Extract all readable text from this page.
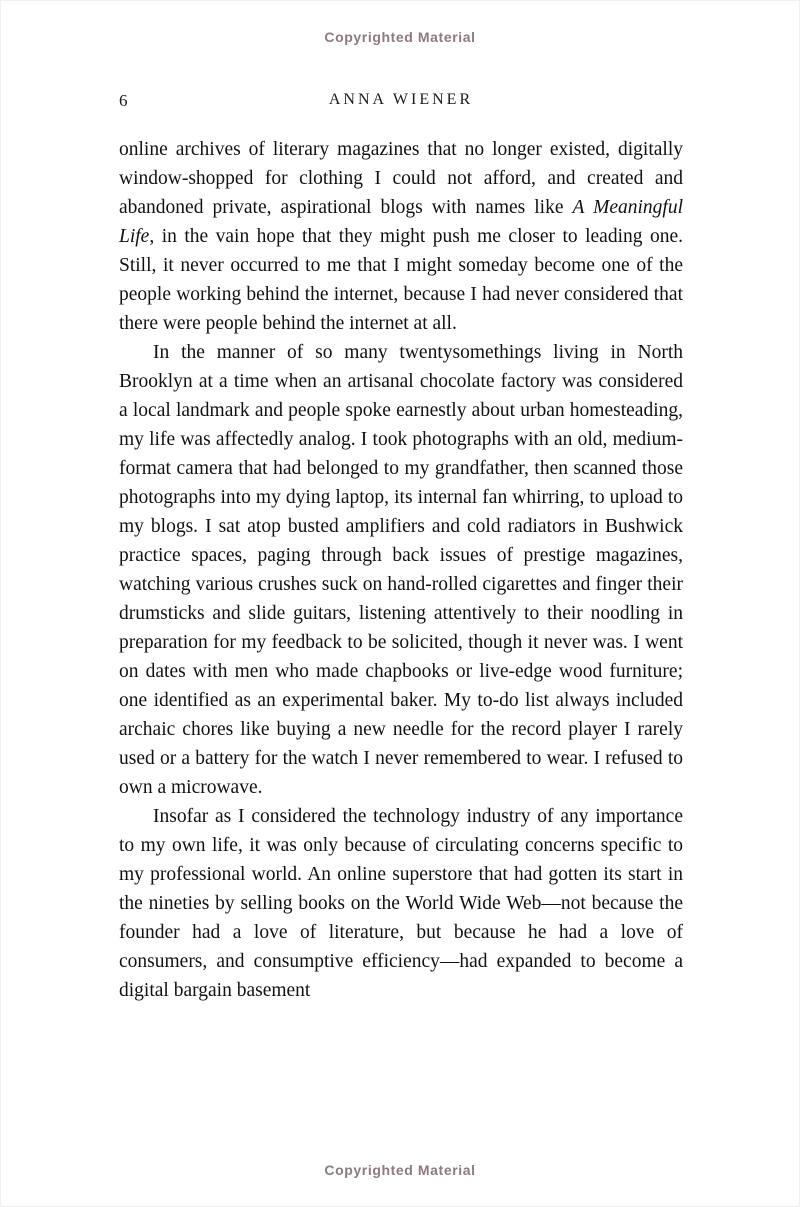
Copyrighted Material
6	ANNA WIENER

online archives of literary magazines that no longer existed, digitally window-shopped for clothing I could not afford, and created and abandoned private, aspirational blogs with names like A Meaningful Life, in the vain hope that they might push me closer to leading one. Still, it never occurred to me that I might someday become one of the people working behind the internet, because I had never considered that there were people behind the internet at all.

In the manner of so many twentysomethings living in North Brooklyn at a time when an artisanal chocolate factory was considered a local landmark and people spoke earnestly about urban homesteading, my life was affectedly analog. I took photographs with an old, medium-format camera that had belonged to my grandfather, then scanned those photographs into my dying laptop, its internal fan whirring, to upload to my blogs. I sat atop busted amplifiers and cold radiators in Bushwick practice spaces, paging through back issues of prestige magazines, watching various crushes suck on hand-rolled cigarettes and finger their drumsticks and slide guitars, listening attentively to their noodling in preparation for my feedback to be solicited, though it never was. I went on dates with men who made chapbooks or live-edge wood furniture; one identified as an experimental baker. My to-do list always included archaic chores like buying a new needle for the record player I rarely used or a battery for the watch I never remembered to wear. I refused to own a microwave.

Insofar as I considered the technology industry of any importance to my own life, it was only because of circulating concerns specific to my professional world. An online superstore that had gotten its start in the nineties by selling books on the World Wide Web—not because the founder had a love of literature, but because he had a love of consumers, and consumptive efficiency—had expanded to become a digital bargain basement

Copyrighted Material
